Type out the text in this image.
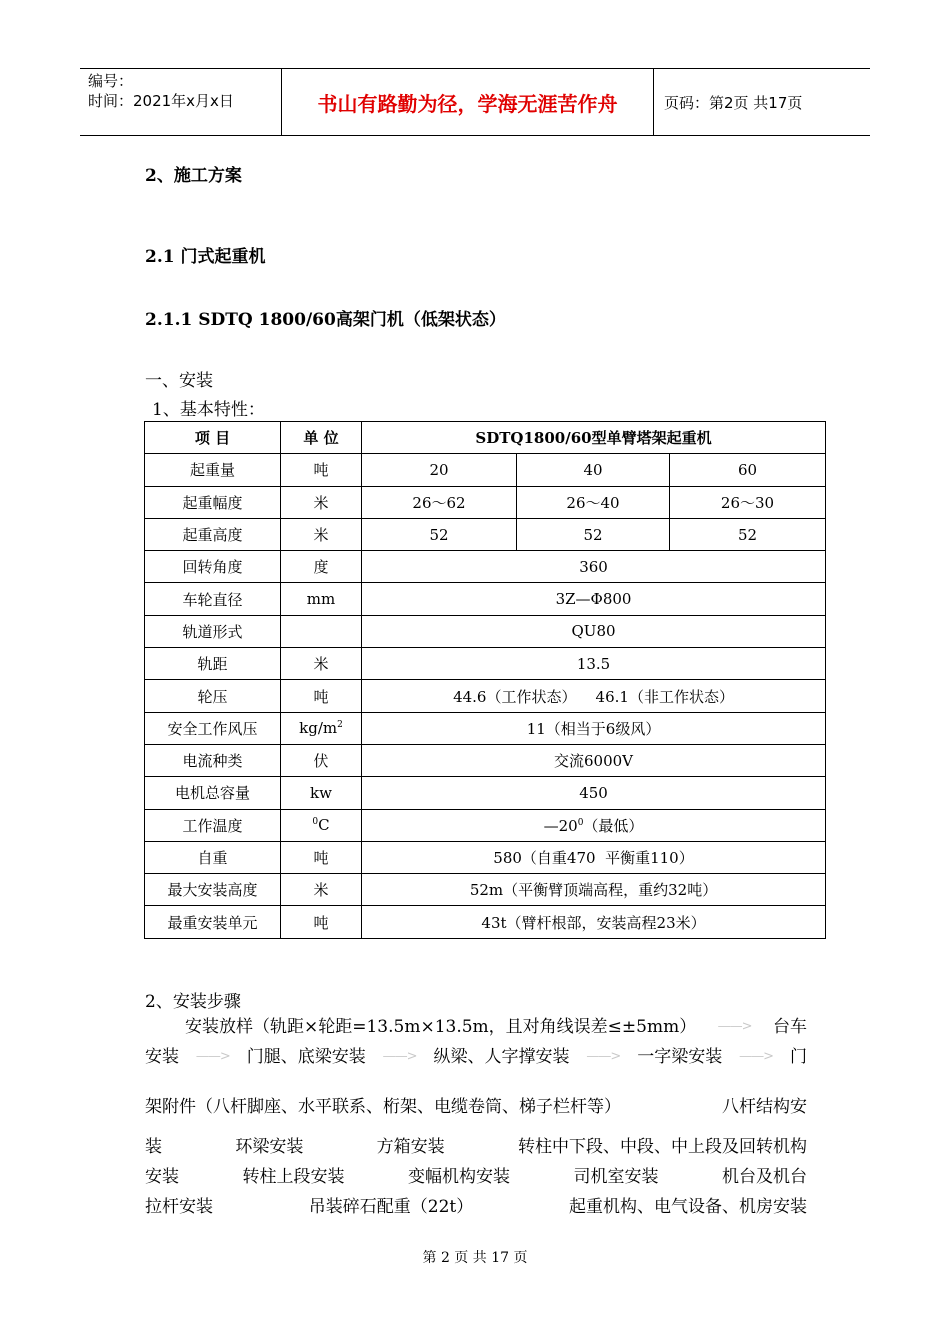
编号：
时间：2021年x月x日	书山有路勤为径，学海无涯苦作舟	页码：第2页 共17页
2、施工方案
2.1 门式起重机
2.1.1 SDTQ 1800/60高架门机（低架状态）
一、安装
1、基本特性：
项 目	单 位	SDTQ1800/60型单臂塔架起重机		
起重量	吨	20	40	60
起重幅度	米	26～62	26～40	26～30
起重高度	米	52	52	52
回转角度	度	360		
车轮直径	mm	3Z—Φ800		
轨道形式		QU80		
轨距	米	13.5		
轮压	吨	44.6（工作状态）    46.1（非工作状态）		
安全工作风压	$kg/m^2$	11（相当于6级风）		
电流种类	伏	交流6000V		
电机总容量	kw	450		
工作温度	$^0$C	$—20^0$（最低）		
自重	吨	580（自重470  平衡重110）		
最大安装高度	米	52m（平衡臂顶端高程，重约32吨）		
最重安装单元	吨	43t（臂杆根部，安装高程23米）		
2、安装步骤
安装放样（轨距×轮距=13.5m×13.5m，且对角线误差≤±5mm） ——> 台车
安装 ——> 门腿、底梁安装 ——> 纵梁、人字撑安装 ——> 一字梁安装 ——> 门
架附件（八杆脚座、水平联系、桁架、电缆卷筒、梯子栏杆等）	八杆结构安
装	环梁安装	方箱安装	转柱中下段、中段、中上段及回转机构
安装	转柱上段安装	变幅机构安装	司机室安装	机台及机台
拉杆安装	吊装碎石配重（22t）	起重机构、电气设备、机房安装
第 2 页 共 17 页
